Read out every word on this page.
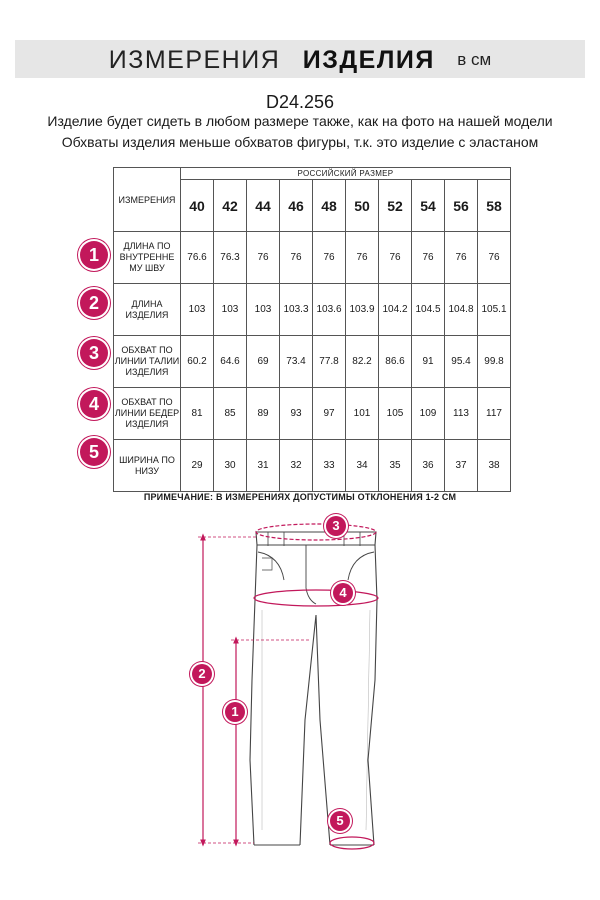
ИЗМЕРЕНИЯ ИЗДЕЛИЯ в см
D24.256
Изделие будет сидеть в любом размере также, как на фото на нашей модели
Обхваты изделия меньше обхватов фигуры, т.к. это изделие с эластаном
ИЗМЕРЕНИЯ	РОССИЙСКИЙ РАЗМЕР									
	40	42	44	46	48	50	52	54	56	58
ДЛИНА ПО ВНУТРЕННЕ МУ ШВУ	76.6	76.3	76	76	76	76	76	76	76	76
ДЛИНА ИЗДЕЛИЯ	103	103	103	103.3	103.6	103.9	104.2	104.5	104.8	105.1
ОБХВАТ ПО ЛИНИИ ТАЛИИ ИЗДЕЛИЯ	60.2	64.6	69	73.4	77.8	82.2	86.6	91	95.4	99.8
ОБХВАТ ПО ЛИНИИ БЕДЕР ИЗДЕЛИЯ	81	85	89	93	97	101	105	109	113	117
ШИРИНА ПО НИЗУ	29	30	31	32	33	34	35	36	37	38
1
2
3
4
5
ПРИМЕЧАНИЕ: В ИЗМЕРЕНИЯХ ДОПУСТИМЫ ОТКЛОНЕНИЯ 1-2 СМ
3
4
2
1
5
